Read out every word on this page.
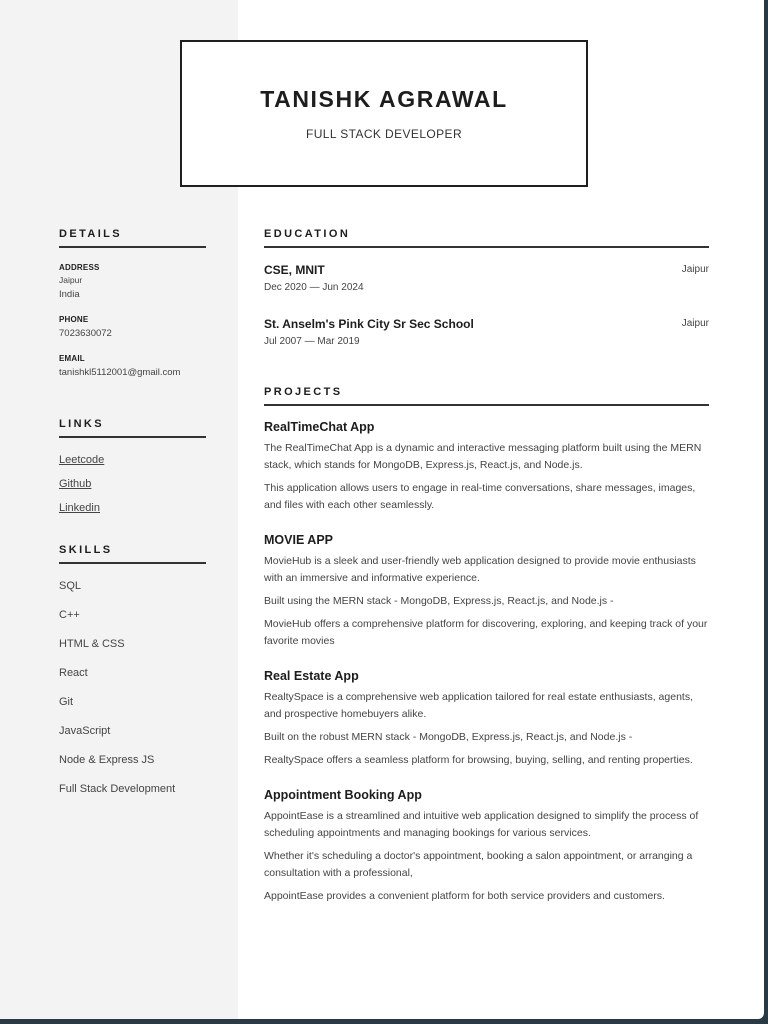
TANISHK AGRAWAL
FULL STACK DEVELOPER
DETAILS
ADDRESS
Jaipur
India
PHONE
7023630072
EMAIL
tanishkl5112001@gmail.com
LINKS
Leetcode
Github
Linkedin
SKILLS
SQL
C++
HTML & CSS
React
Git
JavaScript
Node & Express JS
Full Stack Development
EDUCATION
CSE, MNIT	Jaipur
Dec 2020 — Jun 2024
St. Anselm's Pink City Sr Sec School	Jaipur
Jul 2007 — Mar 2019
PROJECTS
RealTimeChat App
The RealTimeChat App is a dynamic and interactive messaging platform built using the MERN stack, which stands for MongoDB, Express.js, React.js, and Node.js.
This application allows users to engage in real-time conversations, share messages, images, and files with each other seamlessly.
MOVIE APP
MovieHub is a sleek and user-friendly web application designed to provide movie enthusiasts with an immersive and informative experience.
Built using the MERN stack - MongoDB, Express.js, React.js, and Node.js -
MovieHub offers a comprehensive platform for discovering, exploring, and keeping track of your favorite movies
Real Estate App
RealtySpace is a comprehensive web application tailored for real estate enthusiasts, agents, and prospective homebuyers alike.
Built on the robust MERN stack - MongoDB, Express.js, React.js, and Node.js -
RealtySpace offers a seamless platform for browsing, buying, selling, and renting properties.
Appointment Booking App
AppointEase is a streamlined and intuitive web application designed to simplify the process of scheduling appointments and managing bookings for various services.
Whether it's scheduling a doctor's appointment, booking a salon appointment, or arranging a consultation with a professional,
AppointEase provides a convenient platform for both service providers and customers.
